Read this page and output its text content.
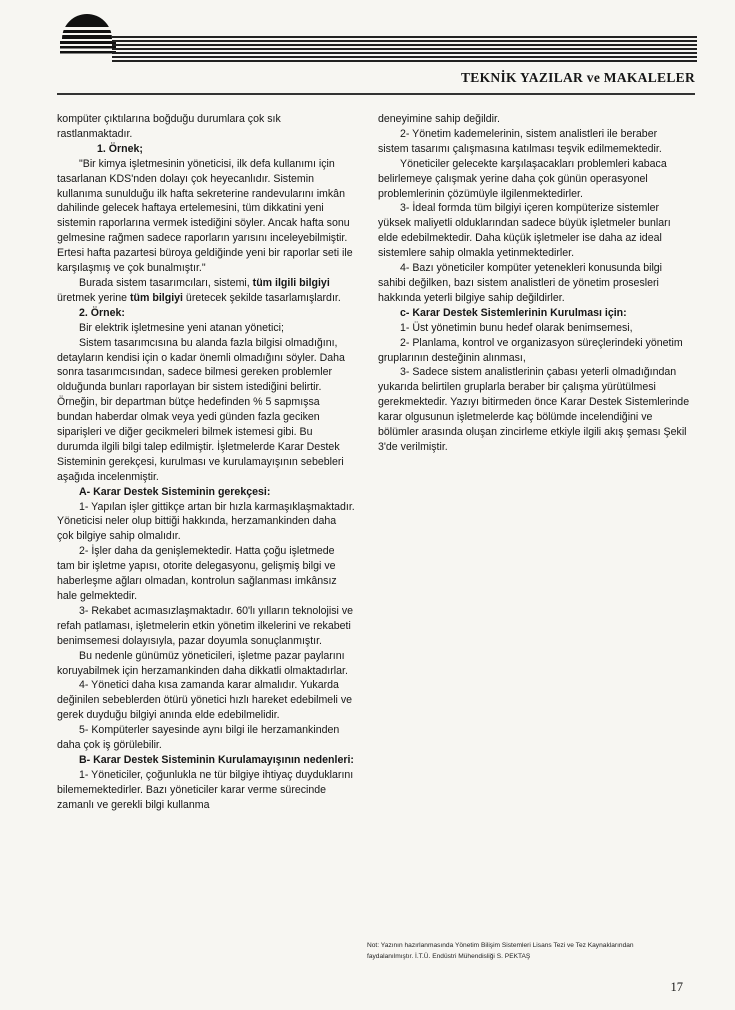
TEKNİK YAZILAR ve MAKALELER

kompüter çıktılarına boğduğu durumlara çok sık rastlanmaktadır.

1. Örnek;

"Bir kimya işletmesinin yöneticisi, ilk defa kullanımı için tasarlanan KDS'nden dolayı çok heyecanlıdır. Sistemin kullanıma sunulduğu ilk hafta sekreterine randevularını imkân dahilinde gelecek haftaya ertelemesini, tüm dikkatini yeni sistemin raporlarına vermek istediğini söyler. Ancak hafta sonu gelmesine rağmen sadece raporların yarısını inceleyebilmiştir. Ertesi hafta pazartesi büroya geldiğinde yeni bir raporlar seti ile karşılaşmış ve çok bunalmıştır."

Burada sistem tasarımcıları, sistemi, tüm ilgili bilgiyi üretmek yerine tüm bilgiyi üretecek şekilde tasarlamışlardır.

2. Örnek:

Bir elektrik işletmesine yeni atanan yönetici;

Sistem tasarımcısına bu alanda fazla bilgisi olmadığını, detayların kendisi için o kadar önemli olmadığını söyler. Daha sonra tasarımcısından, sadece bilmesi gereken problemler olduğunda bunları raporlayan bir sistem istediğini belirtir. Örneğin, bir departman bütçe hedefinden % 5 sapmışsa bundan haberdar olmak veya yedi günden fazla geciken siparişleri ve diğer gecikmeleri bilmek istemesi gibi. Bu durumda ilgili bilgi talep edilmiştir. İşletmelerde Karar Destek Sisteminin gerekçesi, kurulması ve kurulamayışının sebebleri aşağıda incelenmiştir.

A- Karar Destek Sisteminin gerekçesi:

1- Yapılan işler gittikçe artan bir hızla karmaşıklaşmaktadır. Yöneticisi neler olup bittiği hakkında, herzamankinden daha çok bilgiye sahip olmalıdır.

2- İşler daha da genişlemektedir. Hatta çoğu işletmede tam bir işletme yapısı, otorite delegasyonu, gelişmiş bilgi ve haberleşme ağları olmadan, kontrolun sağlanması imkânsız hale gelmektedir.

3- Rekabet acımasızlaşmaktadır. 60'lı yılların teknolojisi ve refah patlaması, işletmelerin etkin yönetim ilkelerini ve rekabeti benimsemesi dolayısıyla, pazar doyumla sonuçlanmıştır.

Bu nedenle günümüz yöneticileri, işletme pazar paylarını koruyabilmek için herzamankinden daha dikkatli olmaktadırlar.

4- Yönetici daha kısa zamanda karar almalıdır. Yukarda değinilen sebeblerden ötürü yönetici hızlı hareket edebilmeli ve gerek duyduğu bilgiyi anında elde edebilmelidir.

5- Kompüterler sayesinde aynı bilgi ile herzamankinden daha çok iş görülebilir.

B- Karar Destek Sisteminin Kurulamayışının nedenleri:

1- Yöneticiler, çoğunlukla ne tür bilgiye ihtiyaç duyduklarını bilememektedirler. Bazı yöneticiler karar verme sürecinde zamanlı ve gerekli bilgi kullanma

deneyimine sahip değildir.

2- Yönetim kademelerinin, sistem analistleri ile beraber sistem tasarımı çalışmasına katılması teşvik edilmemektedir.

Yöneticiler gelecekte karşılaşacakları problemleri kabaca belirlemeye çalışmak yerine daha çok günün operasyonel problemlerinin çözümüyle ilgilenmektedirler.

3- İdeal formda tüm bilgiyi içeren kompüterize sistemler yüksek maliyetli olduklarından sadece büyük işletmeler bunları elde edebilmektedir. Daha küçük işletmeler ise daha az ideal sistemlere sahip olmakla yetinmektedirler.

4- Bazı yöneticiler kompüter yetenekleri konusunda bilgi sahibi değilken, bazı sistem analistleri de yönetim prosesleri hakkında yeterli bilgiye sahip değildirler.

c- Karar Destek Sistemlerinin Kurulması için:

1- Üst yönetimin bunu hedef olarak benimsemesi,

2- Planlama, kontrol ve organizasyon süreçlerindeki yönetim gruplarının desteğinin alınması,

3- Sadece sistem analistlerinin çabası yeterli olmadığından yukarıda belirtilen gruplarla beraber bir çalışma yürütülmesi gerekmektedir. Yazıyı bitirmeden önce Karar Destek Sistemlerinde karar olgusunun işletmelerde kaç bölümde incelendiğini ve bölümler arasında oluşan zincirleme etkiyle ilgili akış şeması Şekil 3'de verilmiştir.

Not: Yazının hazırlanmasında Yönetim Bilişim Sistemleri Lisans Tezi ve Tez Kaynaklarından faydalanılmıştır. İ.T.Ü. Endüstri Mühendisliği S. PEKTAŞ
17
